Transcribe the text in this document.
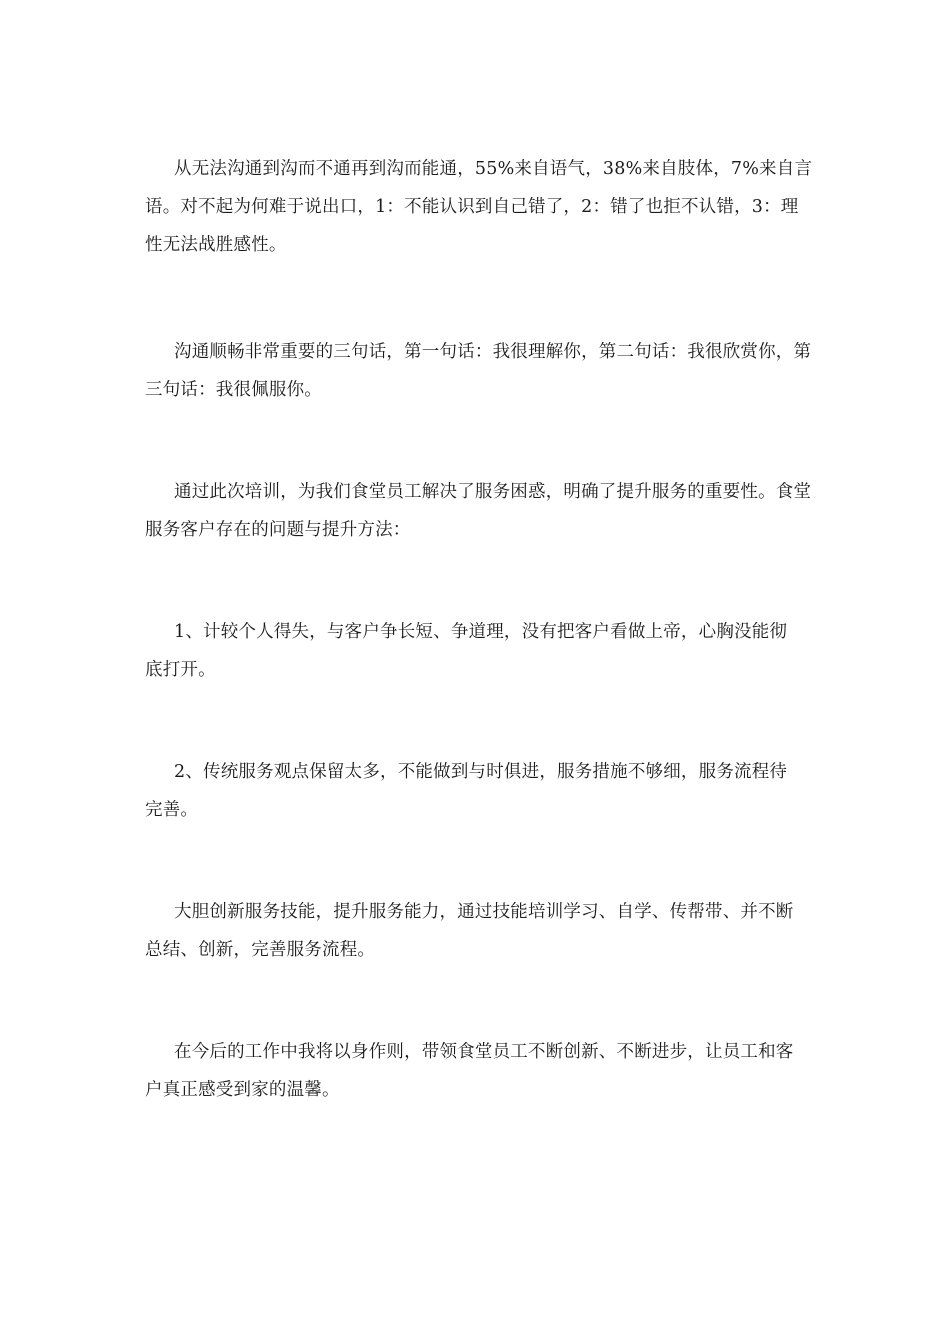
从无法沟通到沟而不通再到沟而能通，55%来自语气，38%来自肢体，7%来自言语。对不起为何难于说出口，1：不能认识到自己错了，2：错了也拒不认错，3：理性无法战胜感性。

沟通顺畅非常重要的三句话，第一句话：我很理解你，第二句话：我很欣赏你，第三句话：我很佩服你。

通过此次培训，为我们食堂员工解决了服务困惑，明确了提升服务的重要性。食堂服务客户存在的问题与提升方法：

1、计较个人得失，与客户争长短、争道理，没有把客户看做上帝，心胸没能彻底打开。

2、传统服务观点保留太多，不能做到与时俱进，服务措施不够细，服务流程待完善。

大胆创新服务技能，提升服务能力，通过技能培训学习、自学、传帮带、并不断总结、创新，完善服务流程。

在今后的工作中我将以身作则，带领食堂员工不断创新、不断进步，让员工和客户真正感受到家的温馨。
